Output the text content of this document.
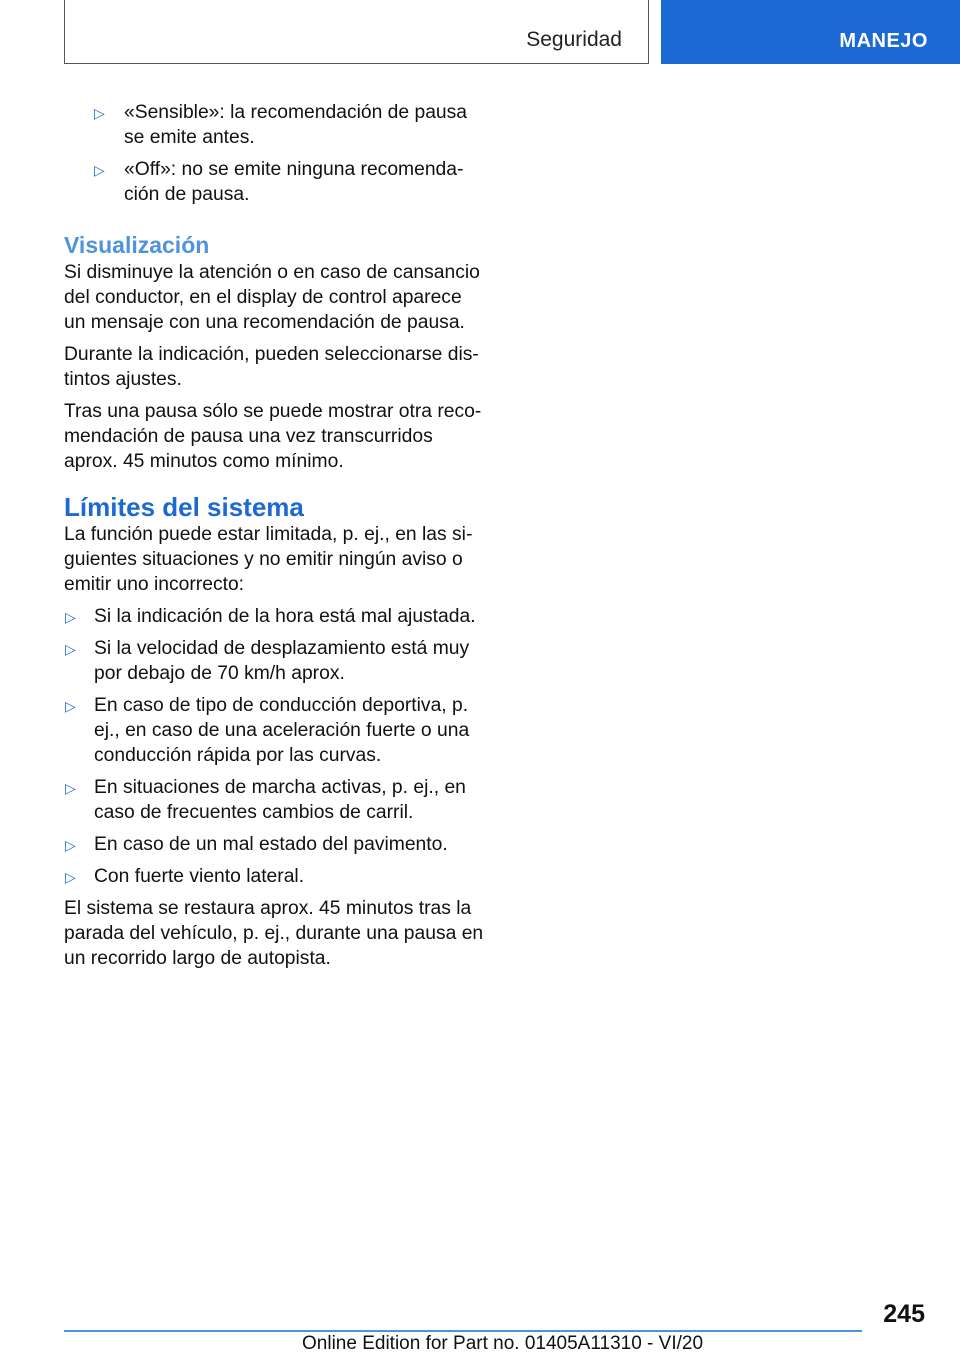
Seguridad	MANEJO
▷ «Sensible»: la recomendación de pausa se emite antes.
▷ «Off»: no se emite ninguna recomendación de pausa.
Visualización

Si disminuye la atención o en caso de cansancio del conductor, en el display de control aparece un mensaje con una recomendación de pausa.

Durante la indicación, pueden seleccionarse distintos ajustes.

Tras una pausa sólo se puede mostrar otra recomendación de pausa una vez transcurridos aprox. 45 minutos como mínimo.

Límites del sistema

La función puede estar limitada, p. ej., en las siguientes situaciones y no emitir ningún aviso o emitir uno incorrecto:

▷ Si la indicación de la hora está mal ajustada.
▷ Si la velocidad de desplazamiento está muy por debajo de 70 km/h aprox.
▷ En caso de tipo de conducción deportiva, p. ej., en caso de una aceleración fuerte o una conducción rápida por las curvas.
▷ En situaciones de marcha activas, p. ej., en caso de frecuentes cambios de carril.
▷ En caso de un mal estado del pavimento.
▷ Con fuerte viento lateral.

El sistema se restaura aprox. 45 minutos tras la parada del vehículo, p. ej., durante una pausa en un recorrido largo de autopista.

245
Online Edition for Part no. 01405A11310 - VI/20
